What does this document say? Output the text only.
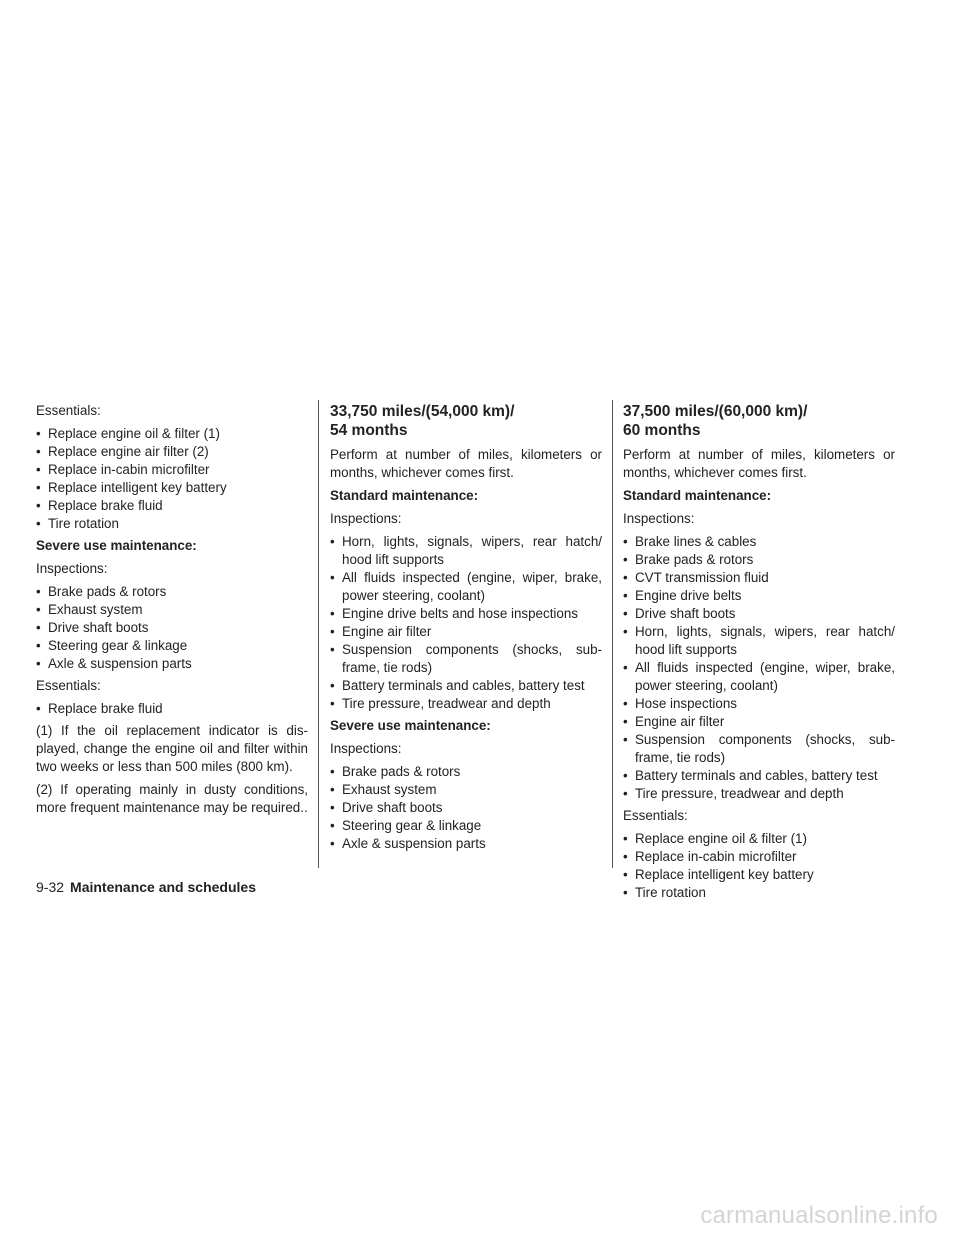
Essentials:

• Replace engine oil & filter (1)
• Replace engine air filter (2)
• Replace in-cabin microfilter
• Replace intelligent key battery
• Replace brake fluid
• Tire rotation

Severe use maintenance:

Inspections:

• Brake pads & rotors
• Exhaust system
• Drive shaft boots
• Steering gear & linkage
• Axle & suspension parts

Essentials:

• Replace brake fluid

(1) If the oil replacement indicator is dis- played, change the engine oil and filter within two weeks or less than 500 miles (800 km).

(2) If operating mainly in dusty conditions, more frequent maintenance may be required..

33,750 miles/(54,000 km)/
54 months

Perform at number of miles, kilometers or months, whichever comes first.

Standard maintenance:

Inspections:

• Horn, lights, signals, wipers, rear hatch/ hood lift supports
• All fluids inspected (engine, wiper, brake, power steering, coolant)
• Engine drive belts and hose inspections
• Engine air filter
• Suspension components (shocks, sub- frame, tie rods)
• Battery terminals and cables, battery test
• Tire pressure, treadwear and depth

Severe use maintenance:

Inspections:

• Brake pads & rotors
• Exhaust system
• Drive shaft boots
• Steering gear & linkage
• Axle & suspension parts
37,500 miles/(60,000 km)/
60 months

Perform at number of miles, kilometers or months, whichever comes first.

Standard maintenance:

Inspections:

• Brake lines & cables
• Brake pads & rotors
• CVT transmission fluid
• Engine drive belts
• Drive shaft boots
• Horn, lights, signals, wipers, rear hatch/ hood lift supports
• All fluids inspected (engine, wiper, brake, power steering, coolant)
• Hose inspections
• Engine air filter
• Suspension components (shocks, sub- frame, tie rods)
• Battery terminals and cables, battery test
• Tire pressure, treadwear and depth

Essentials:

• Replace engine oil & filter (1)
• Replace in-cabin microfilter
• Replace intelligent key battery
• Tire rotation
9-32 Maintenance and schedules
carmanualsonline.info
